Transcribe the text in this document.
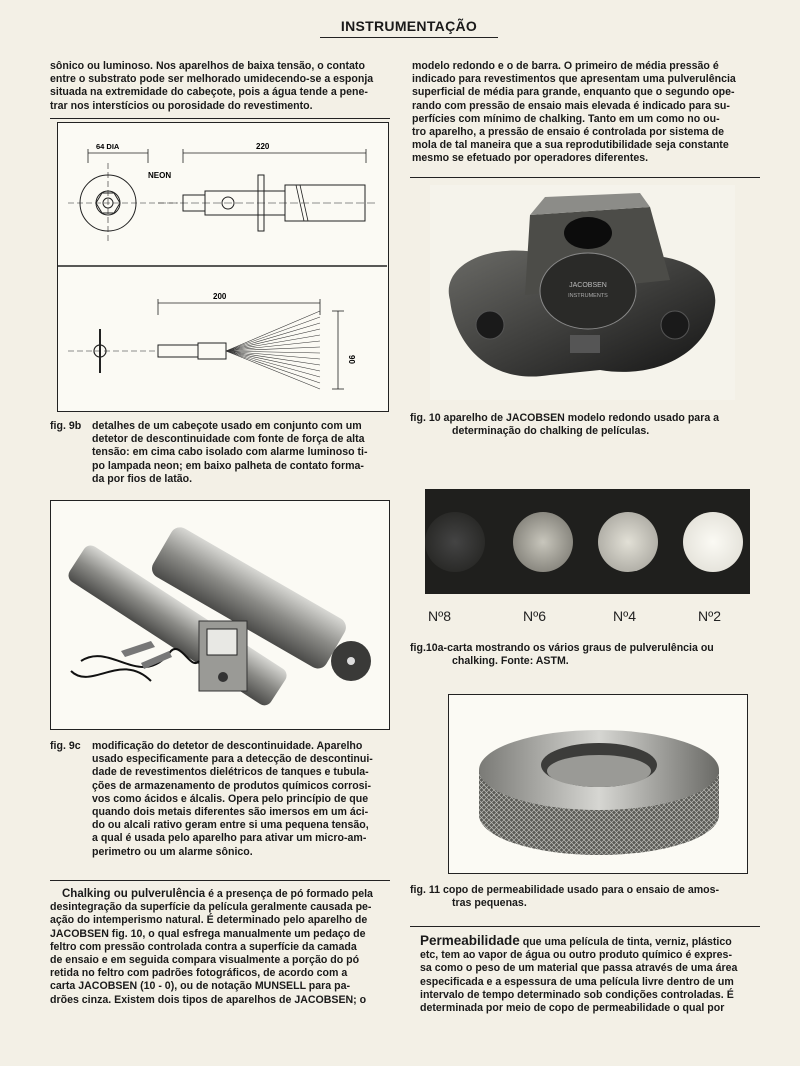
INSTRUMENTAÇÃO

sônico ou luminoso. Nos aparelhos de baixa tensão, o contato

entre o substrato pode ser melhorado umidecendo-se a esponja

situada na extremidade do cabeçote, pois a água tende a pene-

trar nos interstícios ou porosidade do revestimento.

modelo redondo e o de barra. O primeiro de média pressão é

indicado para revestimentos que apresentam uma pulverulência

superficial de média para grande, enquanto que o segundo ope-

rando com pressão de ensaio mais elevada é indicado para su-

perfícies com mínimo de chalking. Tanto em um como no ou-

tro aparelho, a pressão de ensaio é controlada por sistema de

mola de tal maneira que a sua reprodutibilidade seja constante

mesmo se efetuado por operadores diferentes.

64 DIA	220
NEON
200
90
fig. 9b detalhes de um cabeçote usado em conjunto com um
detetor de descontinuidade com fonte de força de alta
tensão: em cima cabo isolado com alarme luminoso ti-
po lampada neon; em baixo palheta de contato forma-
da por fios de latão.
fig. 9c modificação do detetor de descontinuidade. Aparelho
usado especificamente para a detecção de descontinui-
dade de revestimentos dielétricos de tanques e tubula-
ções de armazenamento de produtos químicos corrosi-
vos como ácidos e álcalis. Opera pelo princípio de que
quando dois metais diferentes são imersos em um áci-
do ou alcali rativo geram entre si uma pequena tensão,
a qual é usada pelo aparelho para ativar um micro-am-
perimetro ou um alarme sônico.

Chalking ou pulverulência é a presença de pó formado pela

desintegração da superfície da película geralmente causada pe-

ação do intemperismo natural. É determinado pelo aparelho de

JACOBSEN fig. 10, o qual esfrega manualmente um pedaço de

feltro com pressão controlada contra a superfície da camada

de ensaio e em seguida compara visualmente a porção do pó

retida no feltro com padrões fotográficos, de acordo com a

carta JACOBSEN (10 - 0), ou de notação MUNSELL para pa-

drões cinza. Existem dois tipos de aparelhos de JACOBSEN; o

JACOBSEN
INSTRUMENTS
fig. 10 aparelho de JACOBSEN modelo redondo usado para a
determinação do chalking de películas.
Nº8	Nº6	Nº4	Nº2
fig.10a-carta mostrando os vários graus de pulverulência ou
chalking. Fonte: ASTM.
fig. 11 copo de permeabilidade usado para o ensaio de amos-
tras pequenas.

Permeabilidade que uma película de tinta, verniz, plástico

etc, tem ao vapor de água ou outro produto químico é expres-

sa como o peso de um material que passa através de uma área

especificada e a espessura de uma película livre dentro de um

intervalo de tempo determinado sob condições controladas. É

determinada por meio de copo de permeabilidade o qual por
